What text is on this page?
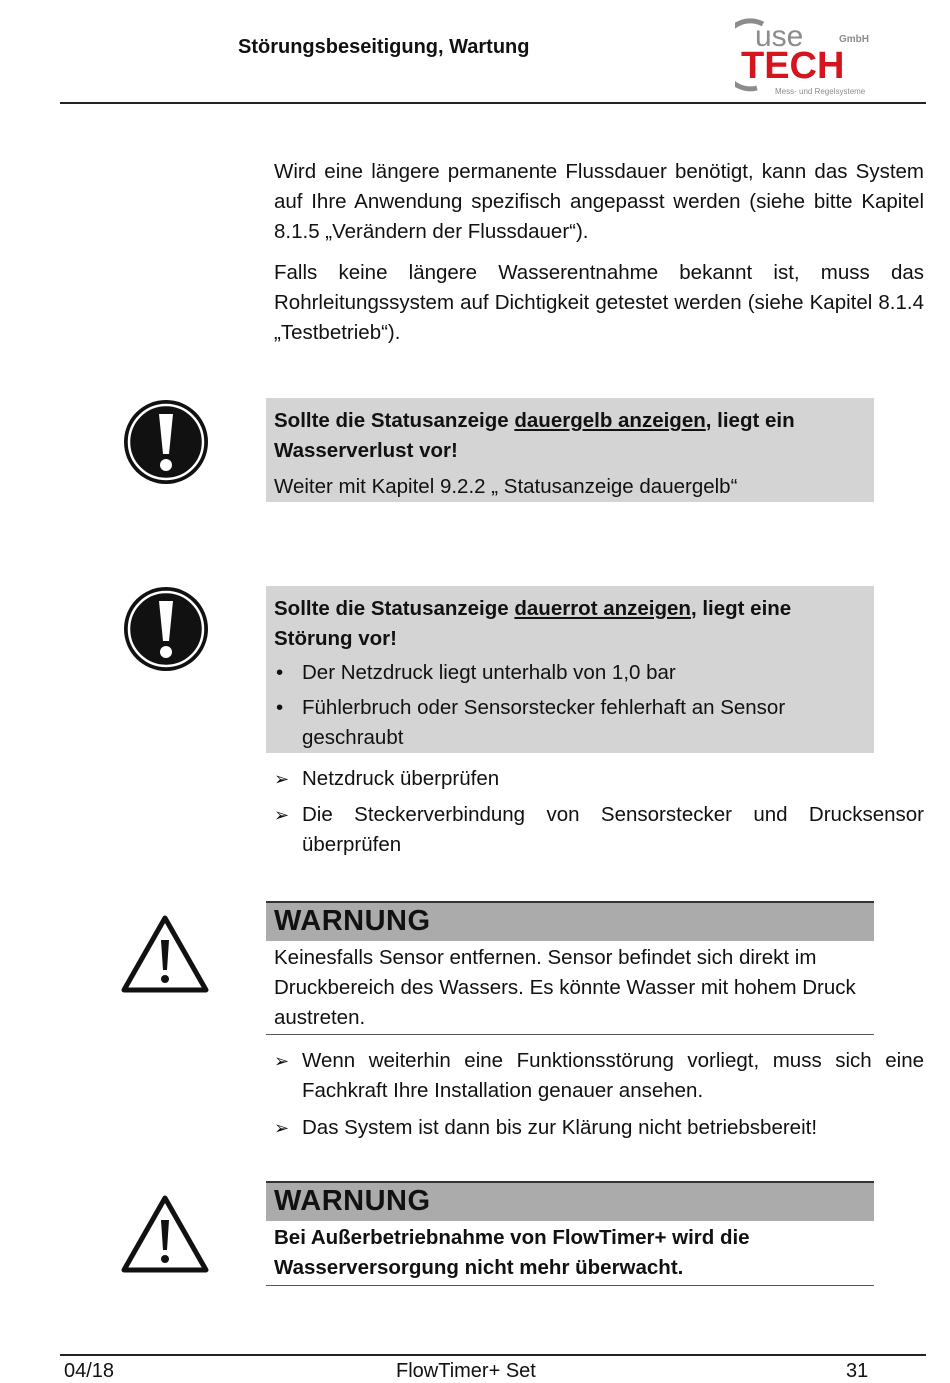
Störungsbeseitigung, Wartung	use	GmbH
TECH
Mess- und Regelsysteme
Wird eine längere permanente Flussdauer benötigt, kann das System auf Ihre Anwendung spezifisch angepasst werden (siehe bitte Kapitel 8.1.5 „Verändern der Flussdauer“).
Falls keine längere Wasserentnahme bekannt ist, muss das Rohrleitungssystem auf Dichtigkeit getestet werden (siehe Kapitel 8.1.4 „Testbetrieb“).
Sollte die Statusanzeige dauergelb anzeigen, liegt ein Wasserverlust vor!
Weiter mit Kapitel 9.2.2 „ Statusanzeige dauergelb“
Sollte die Statusanzeige dauerrot anzeigen, liegt eine Störung vor!
• Der Netzdruck liegt unterhalb von 1,0 bar
• Fühlerbruch oder Sensorstecker fehlerhaft an Sensor geschraubt
➢ Netzdruck überprüfen
➢ Die Steckerverbindung von Sensorstecker und Drucksensor überprüfen
WARNUNG
Keinesfalls Sensor entfernen. Sensor befindet sich direkt im Druckbereich des Wassers. Es könnte Wasser mit hohem Druck austreten.
➢ Wenn weiterhin eine Funktionsstörung vorliegt, muss sich eine Fachkraft Ihre Installation genauer ansehen.
➢ Das System ist dann bis zur Klärung nicht betriebsbereit!
WARNUNG
Bei Außerbetriebnahme von FlowTimer+ wird die Wasserversorgung nicht mehr überwacht.
04/18	FlowTimer+ Set	31
